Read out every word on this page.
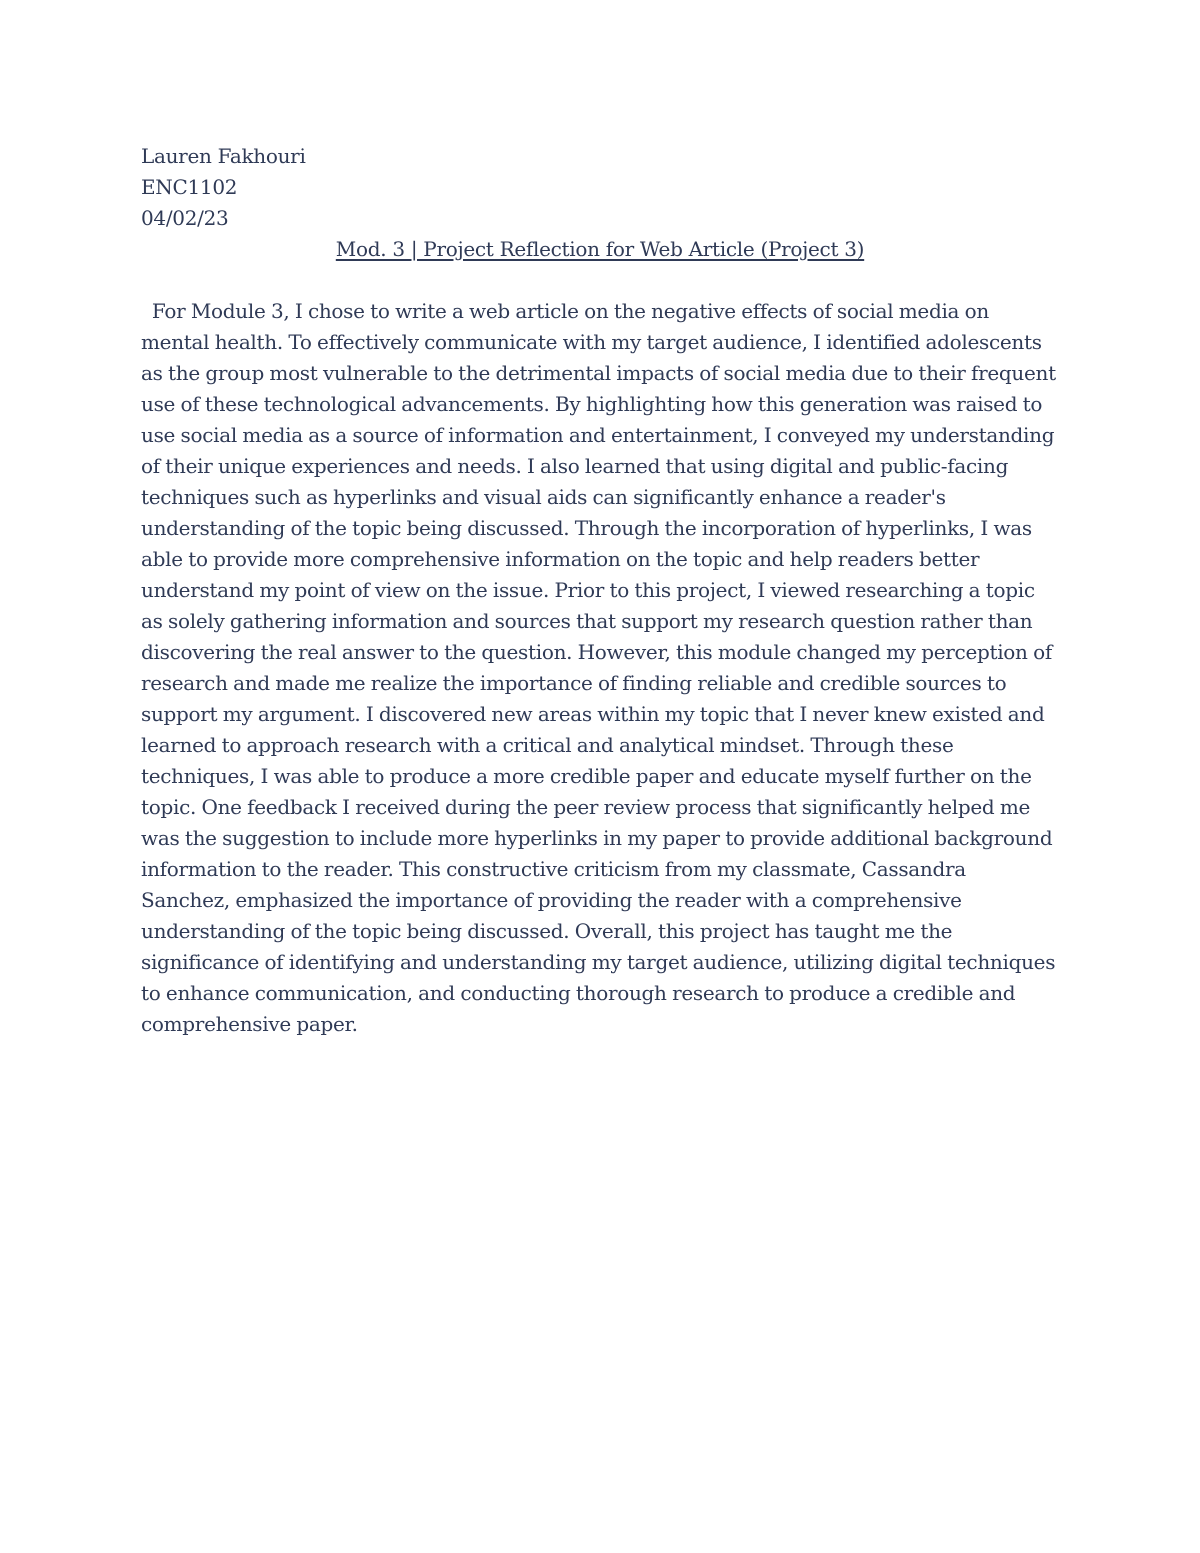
Lauren Fakhouri
ENC1102
04/02/23
Mod. 3 | Project Reflection for Web Article (Project 3)
For Module 3, I chose to write a web article on the negative effects of social media on mental health. To effectively communicate with my target audience, I identified adolescents as the group most vulnerable to the detrimental impacts of social media due to their frequent use of these technological advancements. By highlighting how this generation was raised to use social media as a source of information and entertainment, I conveyed my understanding of their unique experiences and needs. I also learned that using digital and public-facing techniques such as hyperlinks and visual aids can significantly enhance a reader's understanding of the topic being discussed. Through the incorporation of hyperlinks, I was able to provide more comprehensive information on the topic and help readers better understand my point of view on the issue. Prior to this project, I viewed researching a topic as solely gathering information and sources that support my research question rather than discovering the real answer to the question. However, this module changed my perception of research and made me realize the importance of finding reliable and credible sources to support my argument. I discovered new areas within my topic that I never knew existed and learned to approach research with a critical and analytical mindset. Through these techniques, I was able to produce a more credible paper and educate myself further on the topic. One feedback I received during the peer review process that significantly helped me was the suggestion to include more hyperlinks in my paper to provide additional background information to the reader. This constructive criticism from my classmate, Cassandra Sanchez, emphasized the importance of providing the reader with a comprehensive understanding of the topic being discussed. Overall, this project has taught me the significance of identifying and understanding my target audience, utilizing digital techniques to enhance communication, and conducting thorough research to produce a credible and comprehensive paper.
